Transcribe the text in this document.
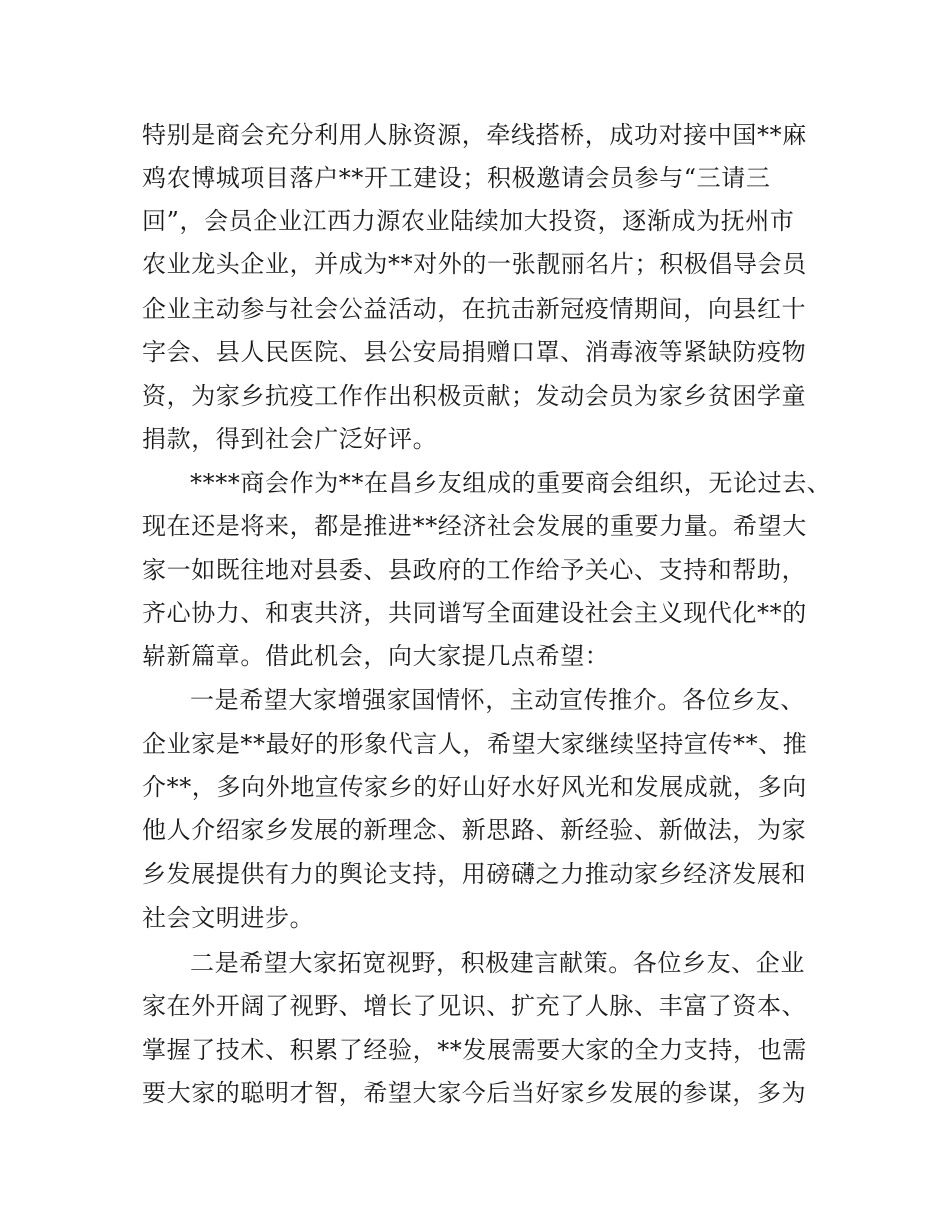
特别是商会充分利用人脉资源，牵线搭桥，成功对接中国**麻
鸡农博城项目落户**开工建设；积极邀请会员参与“三请三
回”，会员企业江西力源农业陆续加大投资，逐渐成为抚州市
农业龙头企业，并成为**对外的一张靓丽名片；积极倡导会员
企业主动参与社会公益活动，在抗击新冠疫情期间，向县红十
字会、县人民医院、县公安局捐赠口罩、消毒液等紧缺防疫物
资，为家乡抗疫工作作出积极贡献；发动会员为家乡贫困学童
捐款，得到社会广泛好评。
****商会作为**在昌乡友组成的重要商会组织，无论过去、
现在还是将来，都是推进**经济社会发展的重要力量。希望大
家一如既往地对县委、县政府的工作给予关心、支持和帮助，
齐心协力、和衷共济，共同谱写全面建设社会主义现代化**的
崭新篇章。借此机会，向大家提几点希望：
一是希望大家增强家国情怀，主动宣传推介。各位乡友、
企业家是**最好的形象代言人，希望大家继续坚持宣传**、推
介**，多向外地宣传家乡的好山好水好风光和发展成就，多向
他人介绍家乡发展的新理念、新思路、新经验、新做法，为家
乡发展提供有力的舆论支持，用磅礴之力推动家乡经济发展和
社会文明进步。
二是希望大家拓宽视野，积极建言献策。各位乡友、企业
家在外开阔了视野、增长了见识、扩充了人脉、丰富了资本、
掌握了技术、积累了经验，**发展需要大家的全力支持，也需
要大家的聪明才智，希望大家今后当好家乡发展的参谋，多为
